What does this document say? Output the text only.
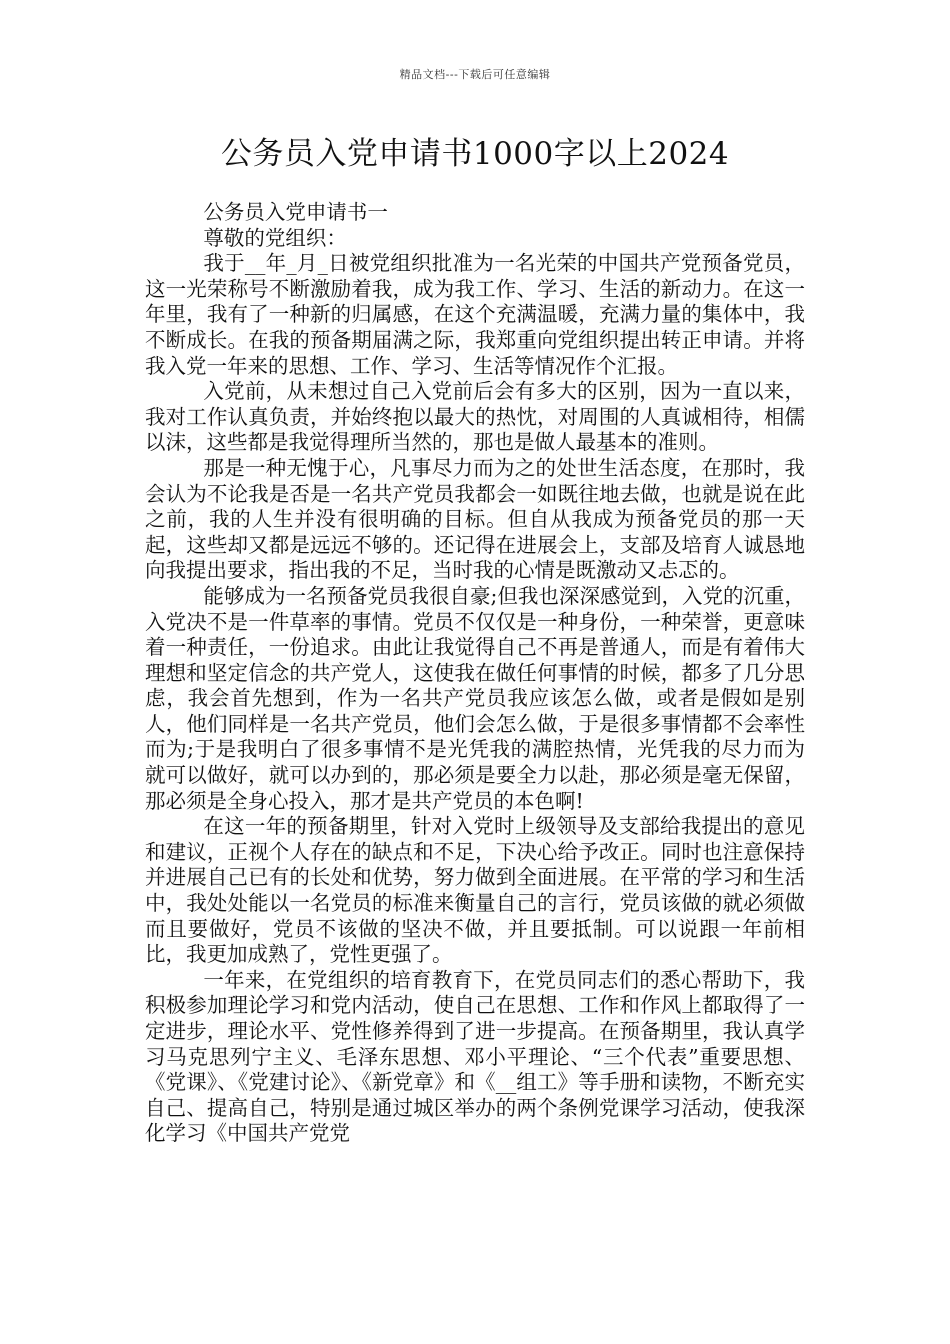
精品文档---下载后可任意编辑
公务员入党申请书1000字以上2024

公务员入党申请书一

尊敬的党组织：

我于__年_月_日被党组织批准为一名光荣的中国共产党预备党员，这一光荣称号不断激励着我，成为我工作、学习、生活的新动力。在这一年里，我有了一种新的归属感，在这个充满温暖，充满力量的集体中，我不断成长。在我的预备期届满之际，我郑重向党组织提出转正申请。并将我入党一年来的思想、工作、学习、生活等情况作个汇报。

入党前，从未想过自己入党前后会有多大的区别，因为一直以来，我对工作认真负责，并始终抱以最大的热忱，对周围的人真诚相待，相儒以沫，这些都是我觉得理所当然的，那也是做人最基本的准则。

那是一种无愧于心，凡事尽力而为之的处世生活态度，在那时，我会认为不论我是否是一名共产党员我都会一如既往地去做，也就是说在此之前，我的人生并没有很明确的目标。但自从我成为预备党员的那一天起，这些却又都是远远不够的。还记得在进展会上，支部及培育人诚恳地向我提出要求，指出我的不足，当时我的心情是既激动又忐忑的。

能够成为一名预备党员我很自豪;但我也深深感觉到，入党的沉重，入党决不是一件草率的事情。党员不仅仅是一种身份，一种荣誉，更意味着一种责任，一份追求。由此让我觉得自己不再是普通人，而是有着伟大理想和坚定信念的共产党人，这使我在做任何事情的时候，都多了几分思虑，我会首先想到，作为一名共产党员我应该怎么做，或者是假如是别人，他们同样是一名共产党员，他们会怎么做，于是很多事情都不会率性而为;于是我明白了很多事情不是光凭我的满腔热情，光凭我的尽力而为就可以做好，就可以办到的，那必须是要全力以赴，那必须是毫无保留，那必须是全身心投入，那才是共产党员的本色啊!

在这一年的预备期里，针对入党时上级领导及支部给我提出的意见和建议，正视个人存在的缺点和不足，下决心给予改正。同时也注意保持并进展自己已有的长处和优势，努力做到全面进展。在平常的学习和生活中，我处处能以一名党员的标准来衡量自己的言行，党员该做的就必须做而且要做好，党员不该做的坚决不做，并且要抵制。可以说跟一年前相比，我更加成熟了，党性更强了。

一年来，在党组织的培育教育下，在党员同志们的悉心帮助下，我积极参加理论学习和党内活动，使自己在思想、工作和作风上都取得了一定进步，理论水平、党性修养得到了进一步提高。在预备期里，我认真学习马克思列宁主义、毛泽东思想、邓小平理论、“三个代表”重要思想、《党课》、《党建讨论》、《新党章》和《__组工》等手册和读物，不断充实自己、提高自己，特别是通过城区举办的两个条例党课学习活动，使我深化学习《中国共产党党
